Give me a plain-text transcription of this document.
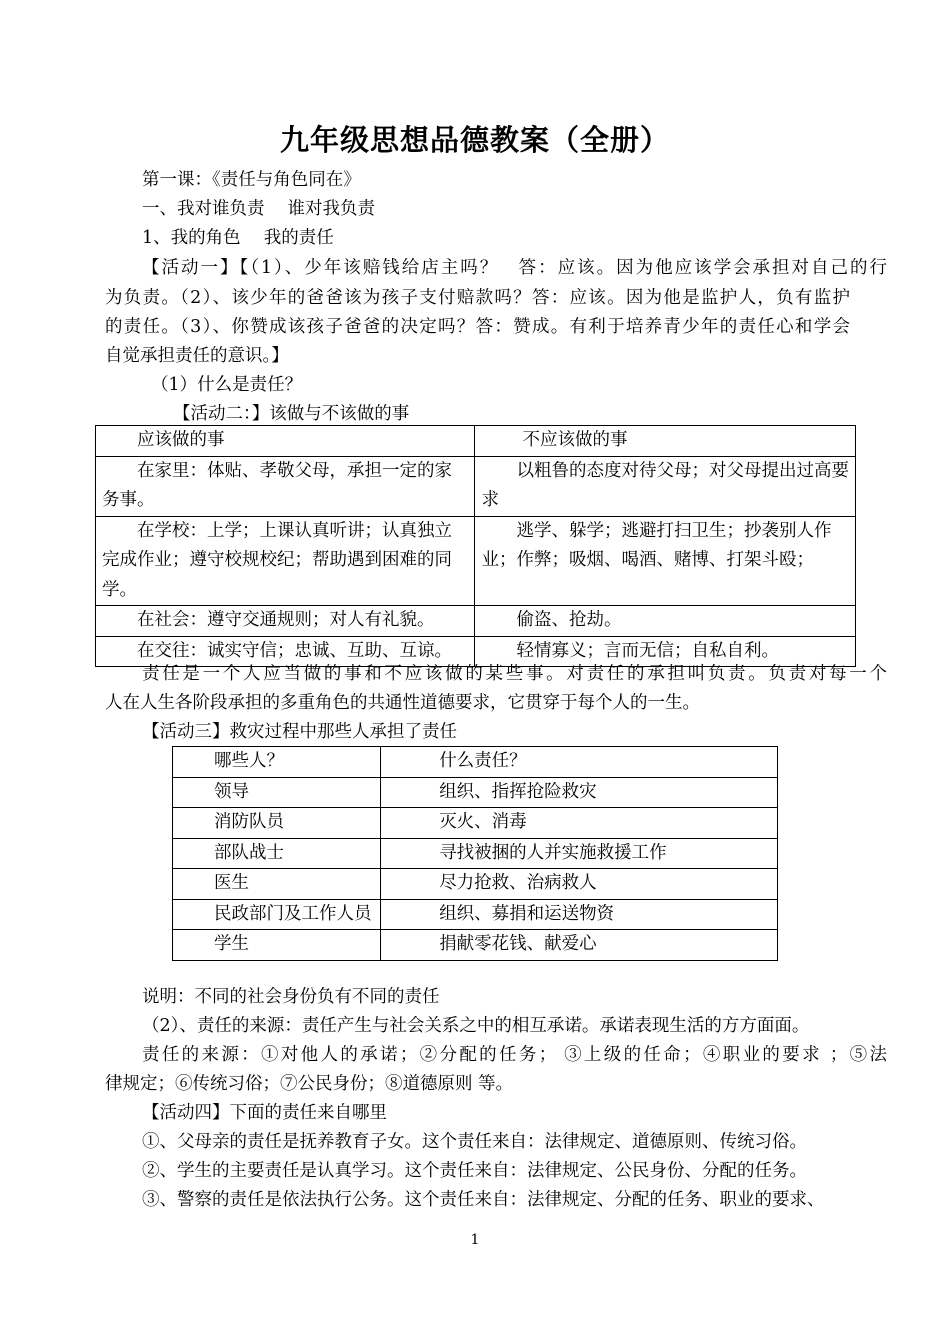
九年级思想品德教案（全册）
第一课：《责任与角色同在》
一、我对谁负责　 谁对我负责
1、我的角色　 我的责任
【活动一】【（1）、少年该赔钱给店主吗？　答：应该。因为他应该学会承担对自己的行
为负责。（2）、该少年的爸爸该为孩子支付赔款吗？答：应该。因为他是监护人，负有监护
的责任。（3）、你赞成该孩子爸爸的决定吗？答：赞成。有利于培养青少年的责任心和学会
自觉承担责任的意识。】
（1）什么是责任？
【活动二：】该做与不该做的事
应该做的事	不应该做的事
在家里：体贴、孝敬父母，承担一定的家务事。	以粗鲁的态度对待父母；对父母提出过高要求
在学校：上学；上课认真听讲；认真独立完成作业；遵守校规校纪；帮助遇到困难的同学。	逃学、躲学；逃避打扫卫生；抄袭别人作业；作弊；吸烟、喝酒、赌博、打架斗殴；
在社会：遵守交通规则；对人有礼貌。	偷盗、抢劫。
在交往：诚实守信；忠诚、互助、互谅。	轻情寡义；言而无信；自私自利。
责任是一个人应当做的事和不应该做的某些事。对责任的承担叫负责。负责对每一个
人在人生各阶段承担的多重角色的共通性道德要求，它贯穿于每个人的一生。
【活动三】救灾过程中那些人承担了责任
哪些人？	什么责任？
领导	组织、指挥抢险救灾
消防队员	灭火、消毒
部队战士	寻找被捆的人并实施救援工作
医生	尽力抢救、治病救人
民政部门及工作人员	组织、募捐和运送物资
学生	捐献零花钱、献爱心
说明：不同的社会身份负有不同的责任
（2）、责任的来源：责任产生与社会关系之中的相互承诺。承诺表现生活的方方面面。
责任的来源：①对他人的承诺；②分配的任务； ③上级的任命；④职业的要求 ；⑤法
律规定；⑥传统习俗；⑦公民身份；⑧道德原则 等。
【活动四】下面的责任来自哪里
①、父母亲的责任是抚养教育子女。这个责任来自：法律规定、道德原则、传统习俗。
②、学生的主要责任是认真学习。这个责任来自：法律规定、公民身份、分配的任务。
③、警察的责任是依法执行公务。这个责任来自：法律规定、分配的任务、职业的要求、
1
